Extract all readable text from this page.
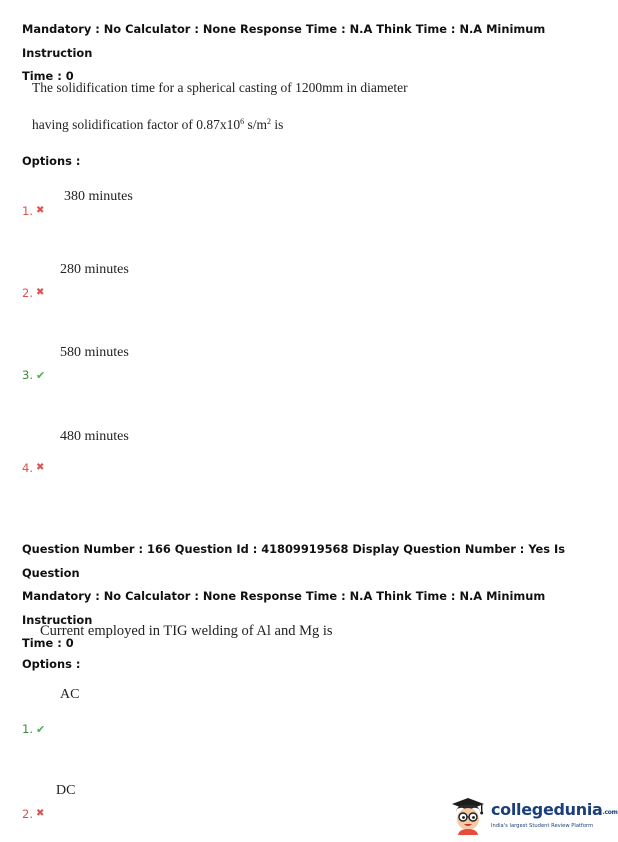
Mandatory : No Calculator : None Response Time : N.A Think Time : N.A Minimum Instruction
Time : 0
The solidification time for a spherical casting of 1200mm in diameter
having solidification factor of $0.87x10^6$ $s/m^2$ is
Options :
380 minutes
1. ✖
280 minutes
2. ✖
580 minutes
3. ✔
480 minutes
4. ✖
Question Number : 166 Question Id : 41809919568 Display Question Number : Yes Is Question
Mandatory : No Calculator : None Response Time : N.A Think Time : N.A Minimum Instruction
Time : 0
Current employed in TIG welding of Al and Mg is
Options :
AC
1. ✔
DC
2. ✖	collegedunia.com
India's largest Student Review Platform
